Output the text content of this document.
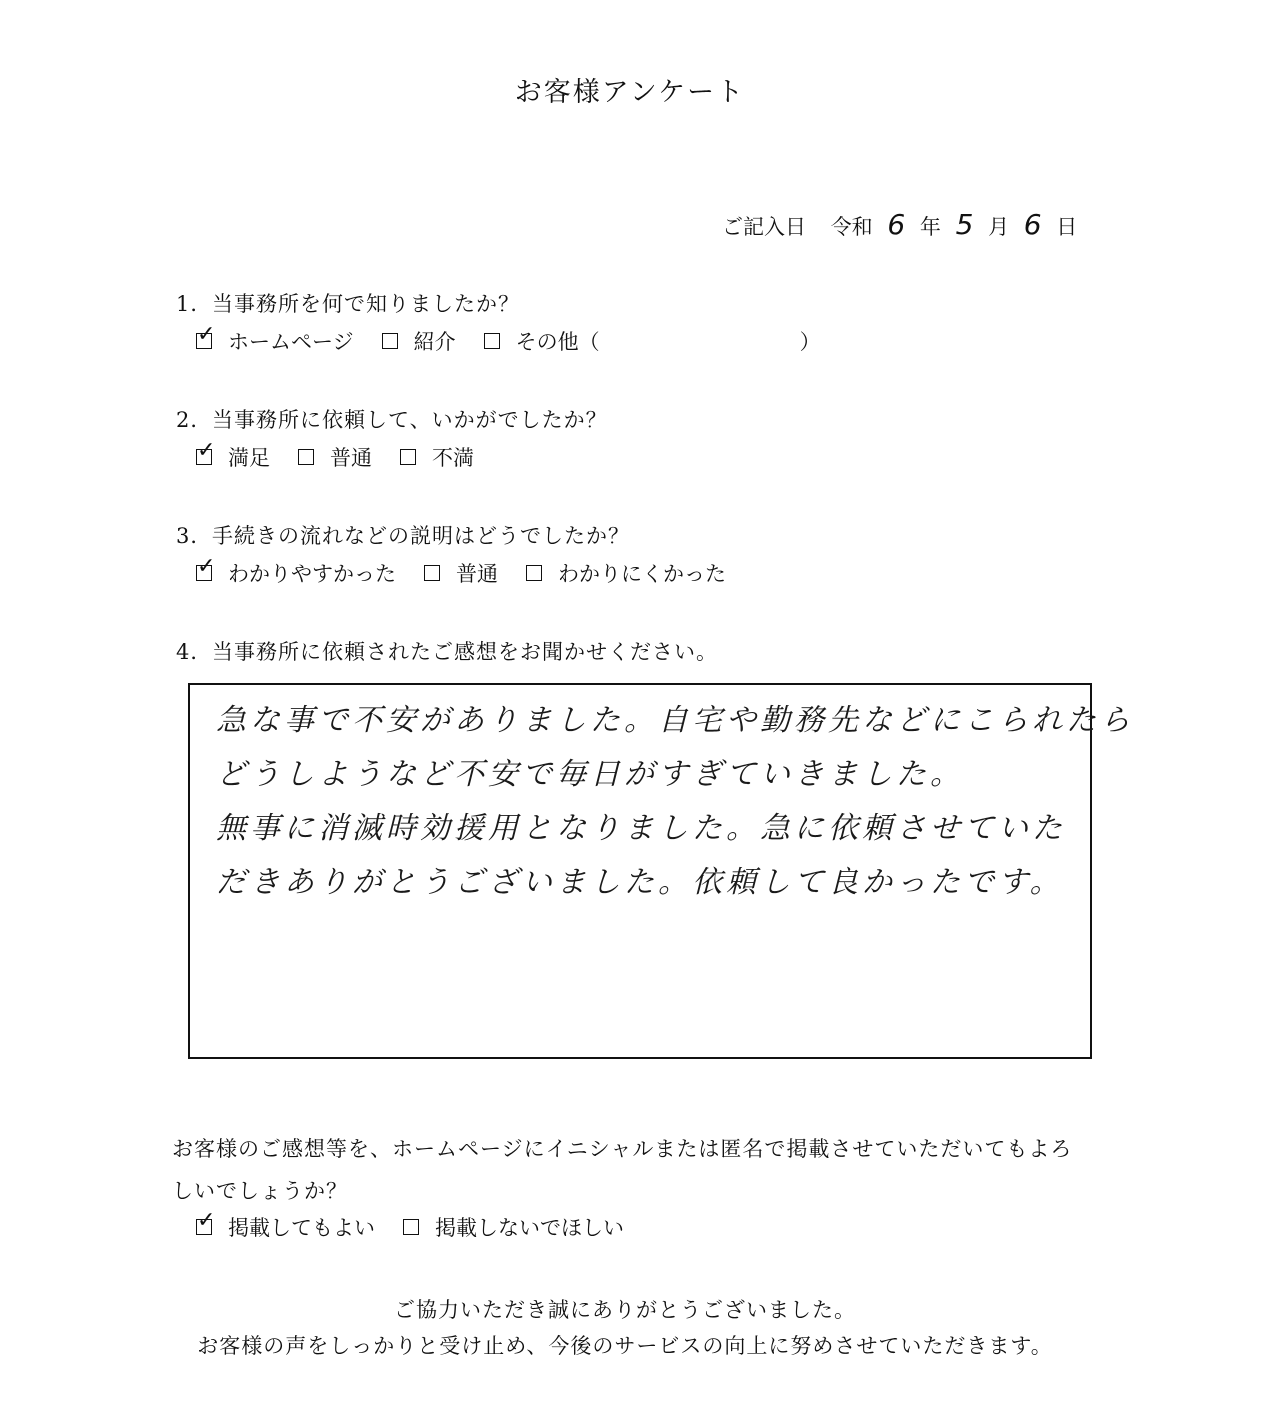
お客様アンケート
ご記入日 令和 6 年 5 月 6 日
1．当事務所を何で知りましたか？
✓
ホームページ	紹介	その他（	）
2．当事務所に依頼して、いかがでしたか？
✓
満足	普通	不満
3．手続きの流れなどの説明はどうでしたか？
✓
わかりやすかった	普通	わかりにくかった
4．当事務所に依頼されたご感想をお聞かせください。
急な事で不安がありました。自宅や勤務先などにこられたら
どうしようなど不安で毎日がすぎていきました。
無事に消滅時効援用となりました。急に依頼させていた
だきありがとうございました。依頼して良かったです。
お客様のご感想等を、ホームページにイニシャルまたは匿名で掲載させていただいてもよろしいでしょうか？
✓
掲載してもよい	掲載しないでほしい
ご協力いただき誠にありがとうございました。
お客様の声をしっかりと受け止め、今後のサービスの向上に努めさせていただきます。
